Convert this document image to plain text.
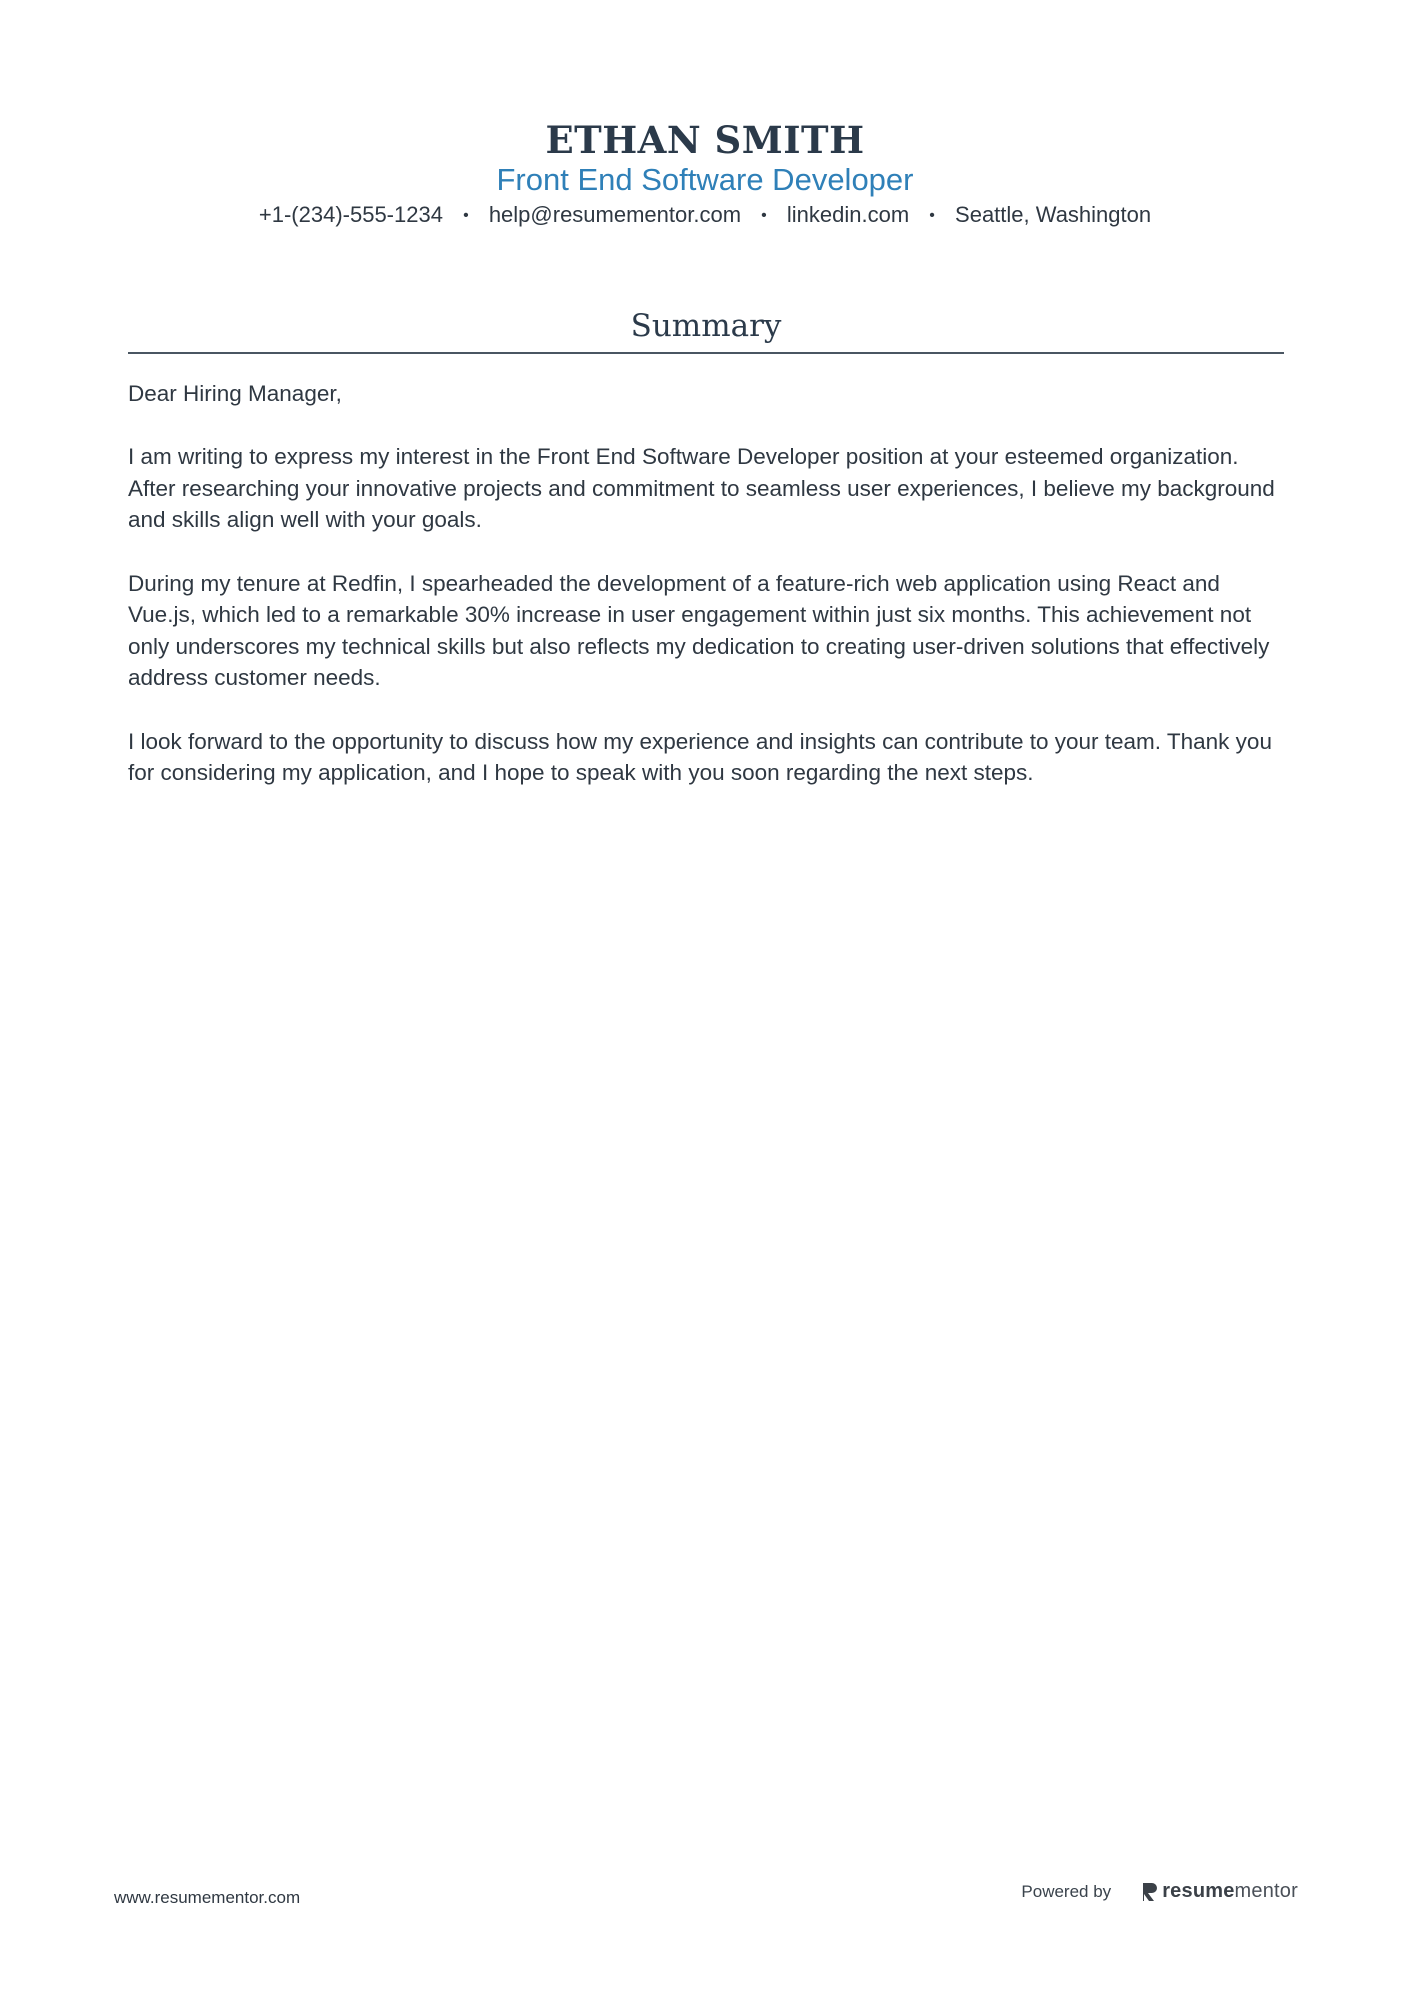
ETHAN SMITH
Front End Software Developer
+1-(234)-555-1234 • help@resumementor.com • linkedin.com • Seattle, Washington
Summary

Dear Hiring Manager,

I am writing to express my interest in the Front End Software Developer position at your esteemed organization. After researching your innovative projects and commitment to seamless user experiences, I believe my background and skills align well with your goals.

During my tenure at Redfin, I spearheaded the development of a feature-rich web application using React and Vue.js, which led to a remarkable 30% increase in user engagement within just six months. This achievement not only underscores my technical skills but also reflects my dedication to creating user-driven solutions that effectively address customer needs.

I look forward to the opportunity to discuss how my experience and insights can contribute to your team. Thank you for considering my application, and I hope to speak with you soon regarding the next steps.

www.resumementor.com	Powered by	resumementor
